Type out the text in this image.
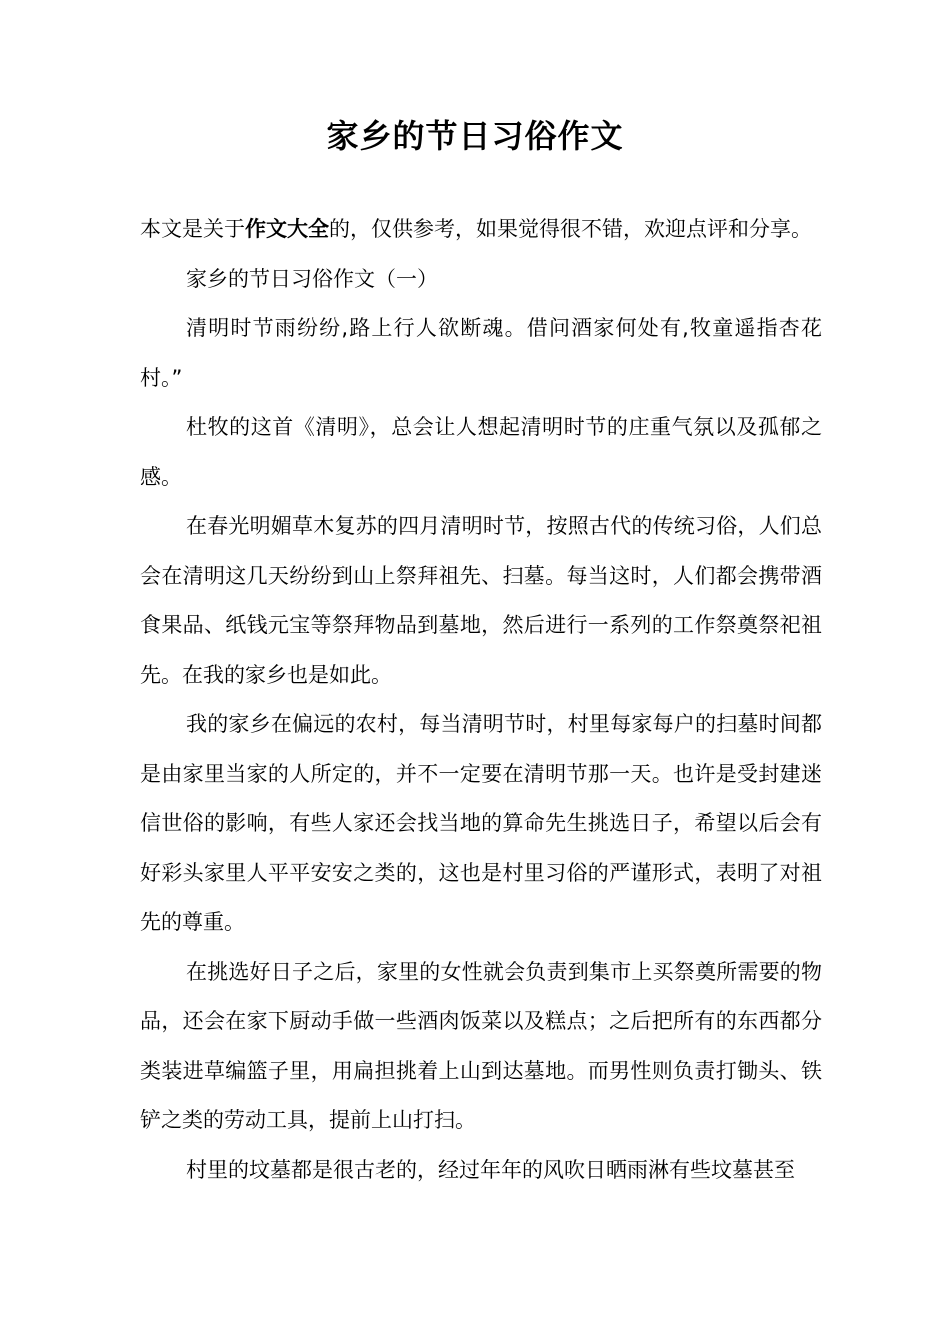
家乡的节日习俗作文

本文是关于作文大全的，仅供参考，如果觉得很不错，欢迎点评和分享。

家乡的节日习俗作文（一）

清明时节雨纷纷,路上行人欲断魂。借问酒家何处有,牧童遥指杏花村。”

杜牧的这首《清明》，总会让人想起清明时节的庄重气氛以及孤郁之感。

在春光明媚草木复苏的四月清明时节，按照古代的传统习俗，人们总会在清明这几天纷纷到山上祭拜祖先、扫墓。每当这时，人们都会携带酒食果品、纸钱元宝等祭拜物品到墓地，然后进行一系列的工作祭奠祭祀祖先。在我的家乡也是如此。

我的家乡在偏远的农村，每当清明节时，村里每家每户的扫墓时间都是由家里当家的人所定的，并不一定要在清明节那一天。也许是受封建迷信世俗的影响，有些人家还会找当地的算命先生挑选日子，希望以后会有好彩头家里人平平安安之类的，这也是村里习俗的严谨形式，表明了对祖先的尊重。

在挑选好日子之后，家里的女性就会负责到集市上买祭奠所需要的物品，还会在家下厨动手做一些酒肉饭菜以及糕点；之后把所有的东西都分类装进草编篮子里，用扁担挑着上山到达墓地。而男性则负责打锄头、铁铲之类的劳动工具，提前上山打扫。

村里的坟墓都是很古老的，经过年年的风吹日晒雨淋有些坟墓甚至
